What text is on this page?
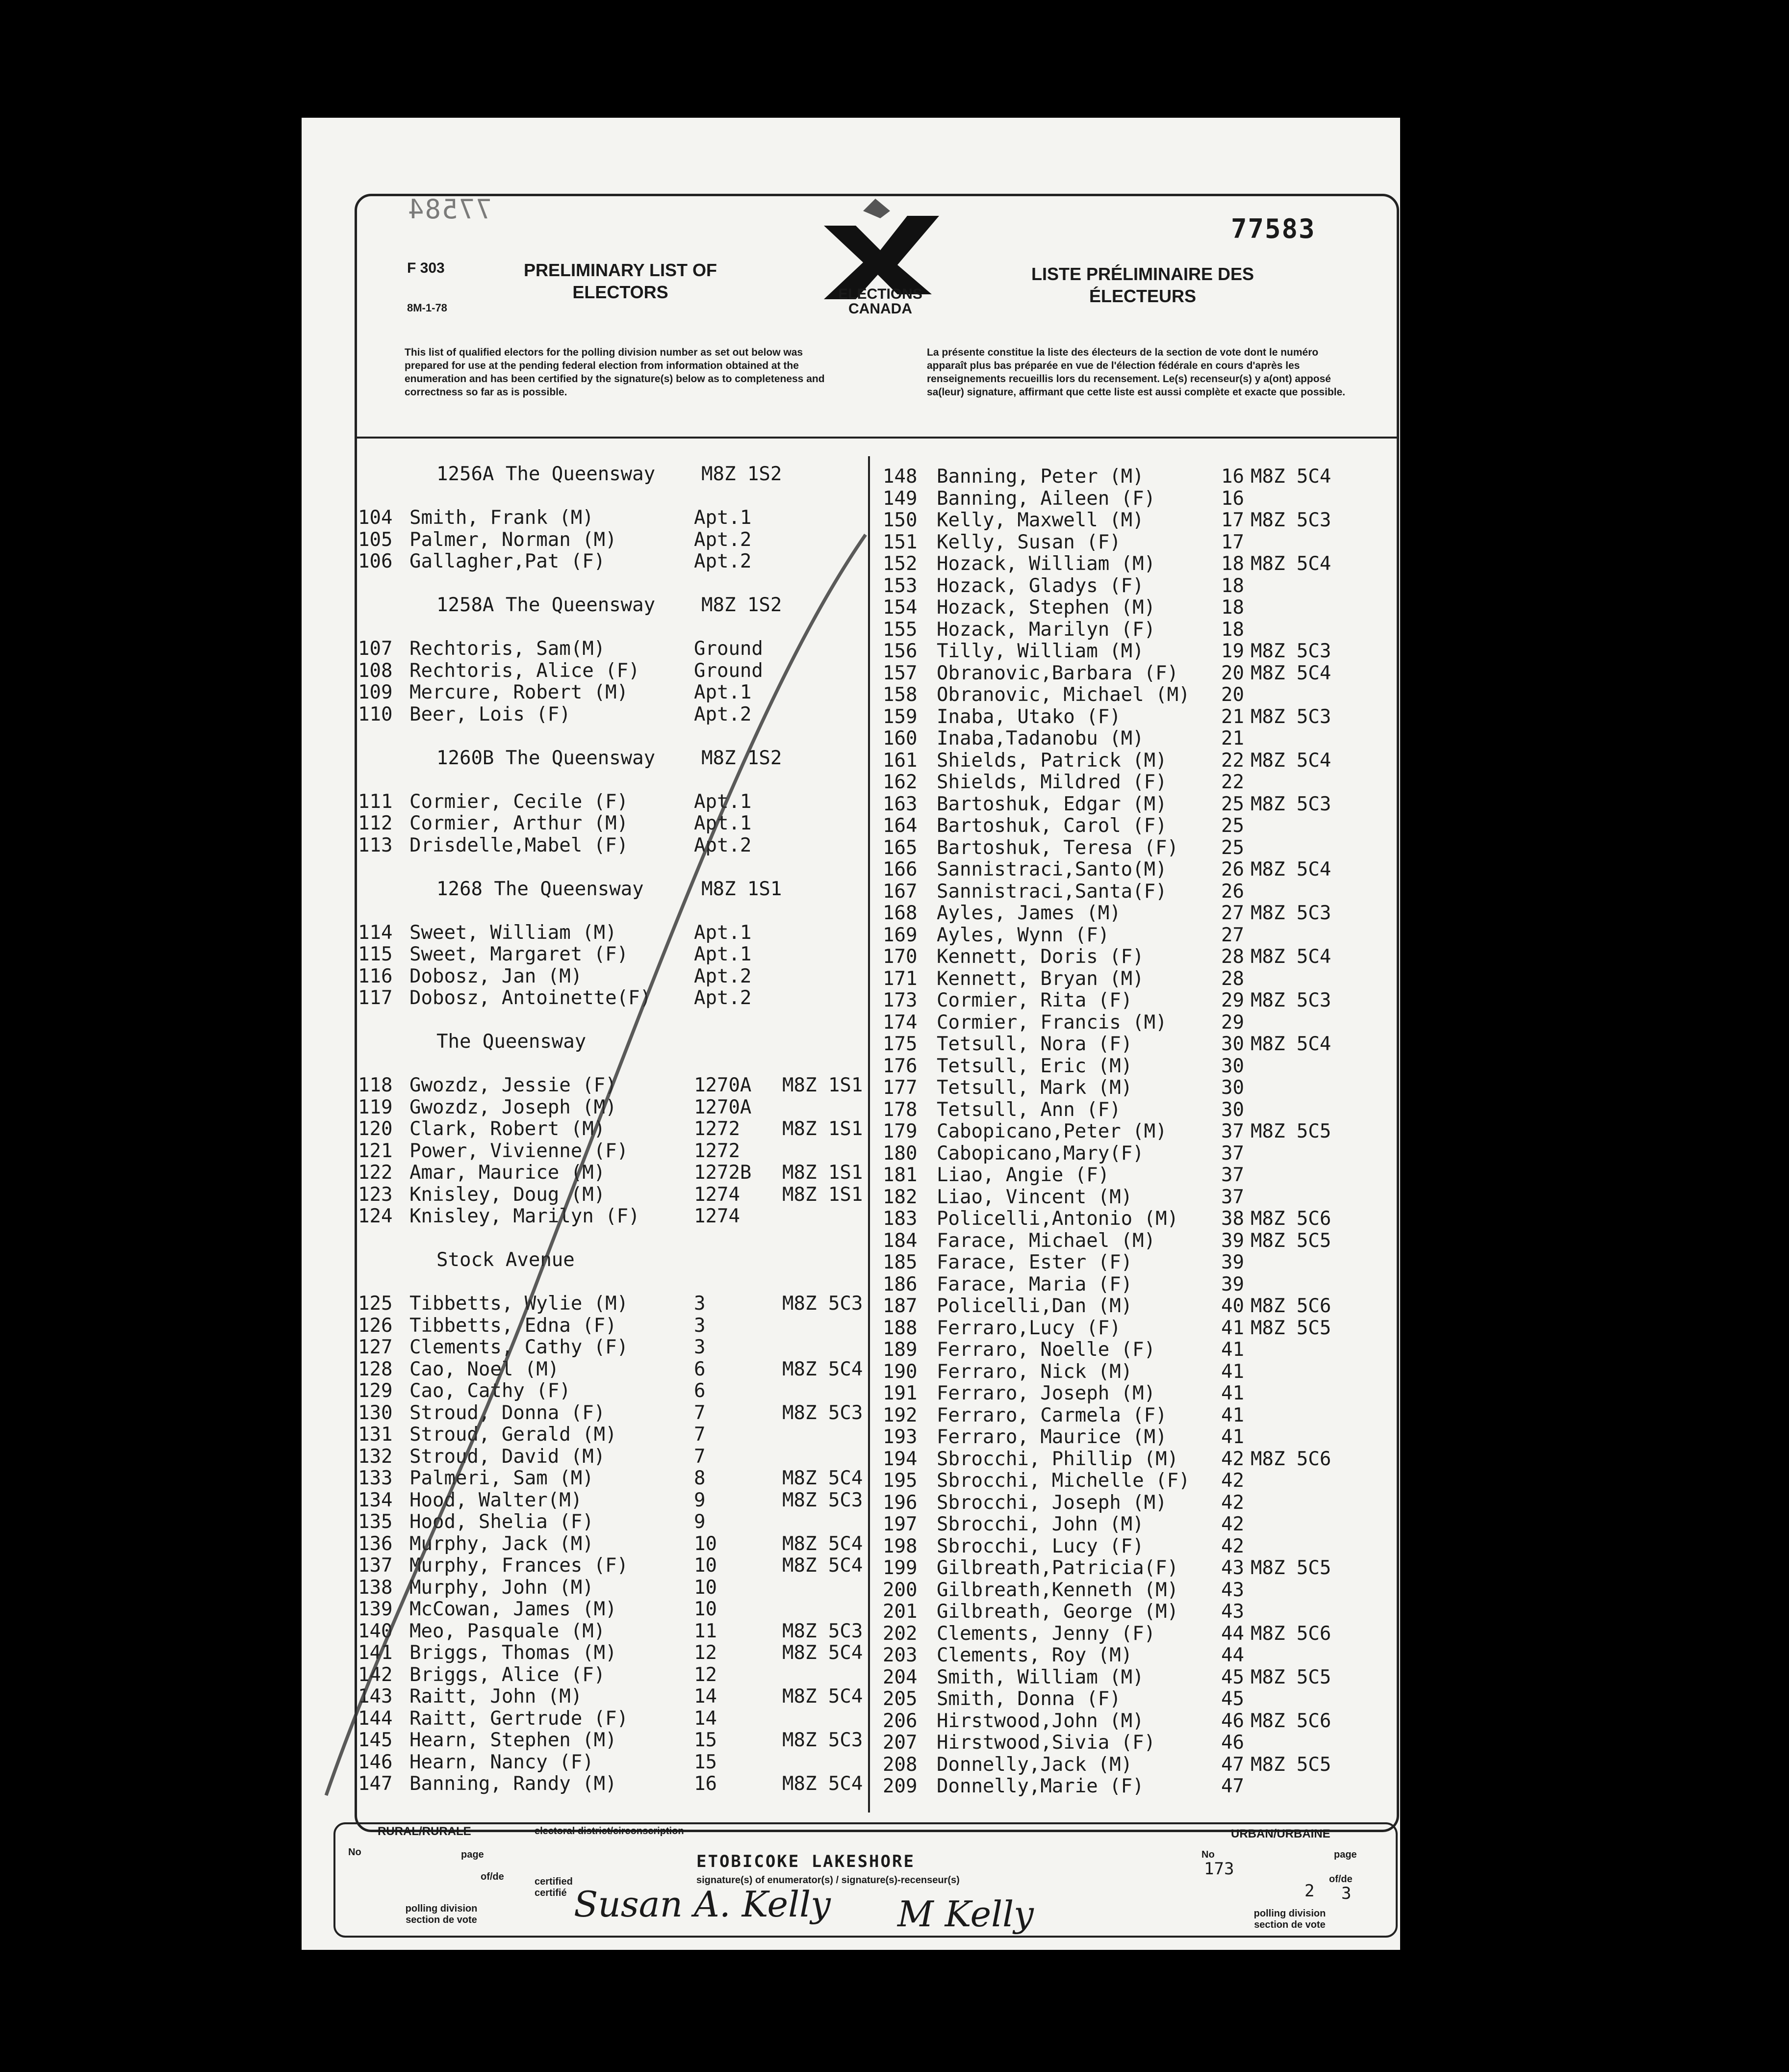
77583
77584
F 303
8M-1-78
PRELIMINARY LIST OF
ELECTORS
LISTE PRÉLIMINAIRE DES
ÉLECTEURS
ELECTIONS
CANADA
This list of qualified electors for the polling division number as set out below was prepared for use at the pending federal election from information obtained at the enumeration and has been certified by the signature(s) below as to completeness and correctness so far as is possible.
La présente constitue la liste des électeurs de la section de vote dont le numéro apparaît plus bas préparée en vue de l'élection fédérale en cours d'après les renseignements recueillis lors du recensement. Le(s) recenseur(s) y a(ont) apposé sa(leur) signature, affirmant que cette liste est aussi complète et exacte que possible.
1256A The Queensway	M8Z 1S2
104 Smith, Frank (M)	Apt.1
105 Palmer, Norman (M)	Apt.2
106 Gallagher,Pat (F)	Apt.2
1258A The Queensway	M8Z 1S2
107 Rechtoris, Sam(M)	Ground
108 Rechtoris, Alice (F)	Ground
109 Mercure, Robert (M)	Apt.1
110 Beer, Lois (F)	Apt.2
1260B The Queensway	M8Z 1S2
111 Cormier, Cecile (F)	Apt.1
112 Cormier, Arthur (M)	Apt.1
113 Drisdelle,Mabel (F)	Apt.2
1268 The Queensway	M8Z 1S1
114 Sweet, William (M)	Apt.1
115 Sweet, Margaret (F)	Apt.1
116 Dobosz, Jan (M)	Apt.2
117 Dobosz, Antoinette(F)	Apt.2
The Queensway
118 Gwozdz, Jessie (F)	1270A	M8Z 1S1
119 Gwozdz, Joseph (M)	1270A
120 Clark, Robert (M)	1272	M8Z 1S1
121 Power, Vivienne (F)	1272
122 Amar, Maurice (M)	1272B	M8Z 1S1
123 Knisley, Doug (M)	1274	M8Z 1S1
124 Knisley, Marilyn (F)	1274
Stock Avenue
125 Tibbetts, Wylie (M)	3	M8Z 5C3
126 Tibbetts, Edna (F)	3
127 Clements, Cathy (F)	3
128 Cao, Noel (M)	6	M8Z 5C4
129 Cao, Cathy (F)	6
130 Stroud, Donna (F)	7	M8Z 5C3
131 Stroud, Gerald (M)	7
132 Stroud, David (M)	7
133 Palmeri, Sam (M)	8	M8Z 5C4
134 Hood, Walter(M)	9	M8Z 5C3
135 Hood, Shelia (F)	9
136 Murphy, Jack (M)	10	M8Z 5C4
137 Murphy, Frances (F)	10	M8Z 5C4
138 Murphy, John (M)	10
139 McCowan, James (M)	10
140 Meo, Pasquale (M)	11	M8Z 5C3
141 Briggs, Thomas (M)	12	M8Z 5C4
142 Briggs, Alice (F)	12
143 Raitt, John (M)	14	M8Z 5C4
144 Raitt, Gertrude (F)	14
145 Hearn, Stephen (M)	15	M8Z 5C3
146 Hearn, Nancy (F)	15
147 Banning, Randy (M)	16	M8Z 5C4
148	Banning, Peter (M)	16 M8Z 5C4
149	Banning, Aileen (F)	16
150	Kelly, Maxwell (M)	17 M8Z 5C3
151	Kelly, Susan (F)	17
152	Hozack, William (M)	18 M8Z 5C4
153	Hozack, Gladys (F)	18
154	Hozack, Stephen (M)	18
155	Hozack, Marilyn (F)	18
156	Tilly, William (M)	19 M8Z 5C3
157	Obranovic,Barbara (F)	20 M8Z 5C4
158	Obranovic, Michael (M)	20
159	Inaba, Utako (F)	21 M8Z 5C3
160	Inaba,Tadanobu (M)	21
161	Shields, Patrick (M)	22 M8Z 5C4
162	Shields, Mildred (F)	22
163	Bartoshuk, Edgar (M)	25 M8Z 5C3
164	Bartoshuk, Carol (F)	25
165	Bartoshuk, Teresa (F)	25
166	Sannistraci,Santo(M)	26 M8Z 5C4
167	Sannistraci,Santa(F)	26
168	Ayles, James (M)	27 M8Z 5C3
169	Ayles, Wynn (F)	27
170	Kennett, Doris (F)	28 M8Z 5C4
171	Kennett, Bryan (M)	28
173	Cormier, Rita (F)	29 M8Z 5C3
174	Cormier, Francis (M)	29
175	Tetsull, Nora (F)	30 M8Z 5C4
176	Tetsull, Eric (M)	30
177	Tetsull, Mark (M)	30
178	Tetsull, Ann (F)	30
179	Cabopicano,Peter (M)	37 M8Z 5C5
180	Cabopicano,Mary(F)	37
181	Liao, Angie (F)	37
182	Liao, Vincent (M)	37
183	Policelli,Antonio (M)	38 M8Z 5C6
184	Farace, Michael (M)	39 M8Z 5C5
185	Farace, Ester (F)	39
186	Farace, Maria (F)	39
187	Policelli,Dan (M)	40 M8Z 5C6
188	Ferraro,Lucy (F)	41 M8Z 5C5
189	Ferraro, Noelle (F)	41
190	Ferraro, Nick (M)	41
191	Ferraro, Joseph (M)	41
192	Ferraro, Carmela (F)	41
193	Ferraro, Maurice (M)	41
194	Sbrocchi, Phillip (M)	42 M8Z 5C6
195	Sbrocchi, Michelle (F)	42
196	Sbrocchi, Joseph (M)	42
197	Sbrocchi, John (M)	42
198	Sbrocchi, Lucy (F)	42
199	Gilbreath,Patricia(F)	43 M8Z 5C5
200	Gilbreath,Kenneth (M)	43
201	Gilbreath, George (M)	43
202	Clements, Jenny (F)	44 M8Z 5C6
203	Clements, Roy (M)	44
204	Smith, William (M)	45 M8Z 5C5
205	Smith, Donna (F)	45
206	Hirstwood,John (M)	46 M8Z 5C6
207	Hirstwood,Sivia (F)	46
208	Donnelly,Jack (M)	47 M8Z 5C5
209	Donnelly,Marie (F)	47
RURAL/RURALE	URBAN/URBAINE
electoral district/circonscription
ETOBICOKE LAKESHORE
No	No
page	page
of/de	of/de
certified certifié
signature(s) of enumerator(s) / signature(s)-recenseur(s)
polling division section de vote
polling division section de vote
173
2 3
Susan A. Kelly M Kelly
